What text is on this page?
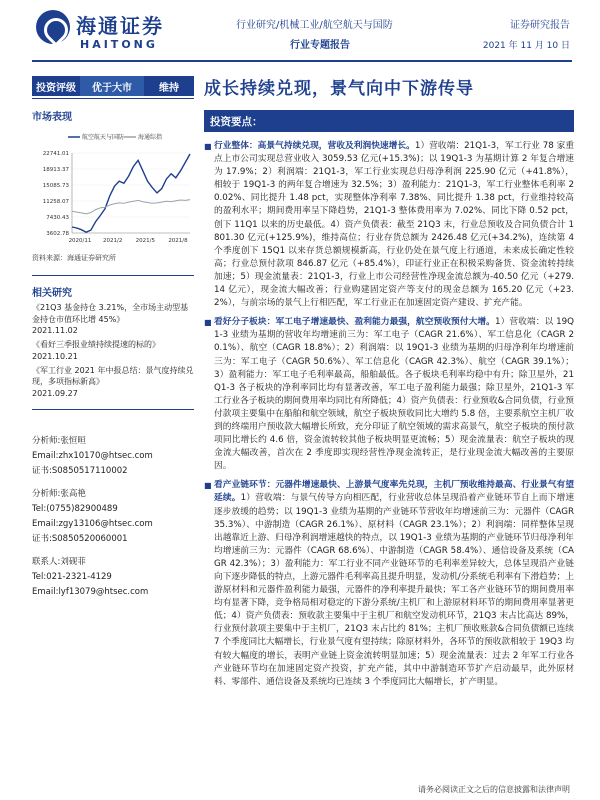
海通证券
HAITONG
行业研究/机械工业/航空航天与国防
行业专题报告
证券研究报告
2021 年 11 月 10 日
投资评级	优于大市	维持	成长持续兑现，景气向中下游传导
市场表现
航空航天与国防 海通综指
22741.01
18913.37
15085.73
11258.07
7430.43
3602.78
2020/11 2021/2 2021/5 2021/8
资料来源：海通证券研究所
相关研究
《21Q3 基金持仓 3.21%，全市场主动型基金持仓市值环比增 45%》
2021.11.02
《看好三季报业绩持续提速的标的》
2021.10.21
《军工行业 2021 年中报总结：景气度持续兑现，多项指标新高》
2021.09.27
分析师:张恒晅
Email:zhx10170@htsec.com
证书:S0850517110002
分析师:张高艳
Tel:(0755)82900489
Email:zgy13106@htsec.com
证书:S0850520060001
联系人:刘砚菲
Tel:021-2321-4129
Email:lyf13079@htsec.com
投资要点：
■ 行业整体：高景气持续兑现，营收及利润快速增长。1）营收端：21Q1-3，军工行业 78 家重点上市公司实现总营业收入 3059.53 亿元(+15.3%)；以 19Q1-3 为基期计算 2 年复合增速为 17.9%；2）利润端：21Q1-3，军工行业实现总归母净利润 225.90 亿元（+41.8%），相较于 19Q1-3 的两年复合增速为 32.5%；3）盈利能力：21Q1-3，军工行业整体毛利率 20.02%、同比提升 1.48 pct，实现整体净利率 7.38%、同比提升 1.38 pct，行业维持较高的盈利水平；期间费用率呈下降趋势，21Q1-3 整体费用率为 7.02%、同比下降 0.52 pct，创下 11Q1 以来的历史最低。4）资产负债表：截至 21Q3 末，行业总预收及合同负债合计 1801.30 亿元(+125.9%)，维持高位；行业存货总额为 2426.48 亿元(+34.2%)，连续第 4 个季度创下 15Q1 以来存货总额规模新高，行业仍处在景气度上行通道，未来成长确定性较高；行业总预付款项 846.87 亿元（+85.4%），印证行业正在积极采购备货、资金流转持续加速；5）现金流量表：21Q1-3，行业上市公司经营性净现金流总额为-40.50 亿元（+279.14 亿元），现金流大幅改善；行业购建固定资产等支付的现金总额为 165.20 亿元（+23.2%），与前宗场的景气上行相匹配，军工行业正在加速固定资产建设、扩充产能。
■ 看好分子板块：军工电子增速最快、盈利能力最强，航空预收预付大增。1）营收端：以 19Q1-3 业绩为基期的营收年均增速前三为：军工电子（CAGR 21.6%）、军工信息化（CAGR 20.1%）、航空（CAGR 18.8%）；2）利润端：以 19Q1-3 业绩为基期的归母净利年均增速前三为：军工电子（CAGR 50.6%）、军工信息化（CAGR 42.3%）、航空（CAGR 39.1%）；3）盈利能力：军工电子毛利率最高，船舶最低。各子板块毛利率均稳中有升；除卫星外，21Q1-3 各子板块的净利率同比均有显著改善，军工电子盈利能力最强；除卫星外，21Q1-3 军工行业各子板块的期间费用率均同比有所降低；4）资产负债表：行业预收&合同负债，行业预付款项主要集中在船舶和航空领域，航空子板块预收同比大增约 5.8 倍，主要系航空主机厂收到的终端用户预收款大幅增长所致，充分印证了航空领域的需求高景气，航空子板块的预付款项同比增长约 4.6 倍，资金流转较其他子板块明显更流畅；5）现金流量表：航空子板块的现金流大幅改善，首次在 2 季度即实现经营性净现金流转正，是行业现金流大幅改善的主要原因。
■ 看产业链环节：元器件增速最快、上游景气度率先兑现，主机厂预收维持最高、行业景气有望延续。1）营收端：与景气传导方向相匹配，行业营收总体呈现沿着产业链环节自上而下增速逐步放缓的趋势；以 19Q1-3 业绩为基期的产业链环节营收年均增速前三为：元器件（CAGR 35.3%）、中游制造（CAGR 26.1%）、原材料（CAGR 23.1%）；2）利润端：同样整体呈现出越靠近上游、归母净利润增速越快的特点，以 19Q1-3 业绩为基期的产业链环节归母净利年均增速前三为：元器件（CAGR 68.6%）、中游制造（CAGR 58.4%）、通信设备及系统（CAGR 42.3%）；3）盈利能力：军工行业不同产业链环节的毛利率差异较大，总体呈现沿产业链向下逐步降低的特点，上游元器件毛利率高且提升明显，发动机/分系统毛利率有下滑趋势；上游原材料和元器件盈利能力最强，元器件的净利率提升最快；军工各产业链环节的期间费用率均有显著下降，竞争格局相对稳定的下游分系统/主机厂和上游原材料环节的期间费用率显著更低；4）资产负债表：预收款主要集中于主机厂和航空发动机环节，21Q3 末占比高达 89%，行业预付款项主要集中于主机厂，21Q3 末占比约 81%；主机厂预收账款&合同负债额已连续 7 个季度同比大幅增长，行业景气度有望持续；除原材料外，各环节的预收款相较于 19Q3 均有较大幅度的增长，表明产业链上资金流转明显加速；5）现金流量表：过去 2 年军工行业各产业链环节均在加速固定资产投资，扩充产能，其中中游制造环节扩产启动最早，此外原材料、零部件、通信设备及系统均已连续 3 个季度同比大幅增长，扩产明显。
请务必阅读正文之后的信息披露和法律声明
